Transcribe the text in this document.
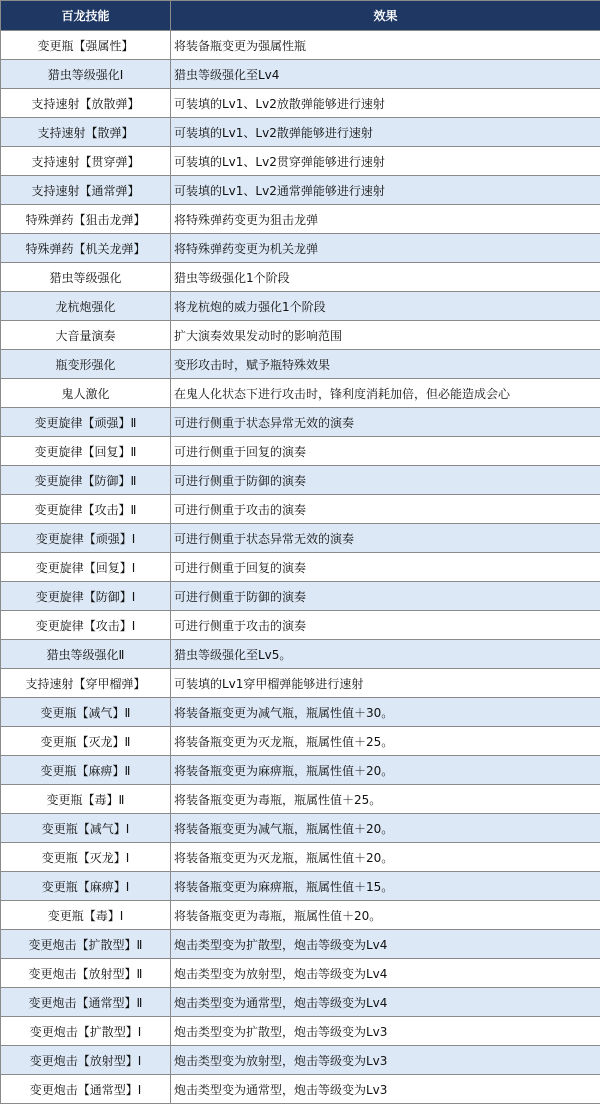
百龙技能	效果
变更瓶【强属性】	将装备瓶变更为强属性瓶
猎虫等级强化Ⅰ	猎虫等级强化至Lv4
支持速射【放散弹】	可装填的Lv1、Lv2放散弹能够进行速射
支持速射【散弹】	可装填的Lv1、Lv2散弹能够进行速射
支持速射【贯穿弹】	可装填的Lv1、Lv2贯穿弹能够进行速射
支持速射【通常弹】	可装填的Lv1、Lv2通常弹能够进行速射
特殊弹药【狙击龙弹】	将特殊弹药变更为狙击龙弹
特殊弹药【机关龙弹】	将特殊弹药变更为机关龙弹
猎虫等级强化	猎虫等级强化1个阶段
龙杭炮强化	将龙杭炮的威力强化1个阶段
大音量演奏	扩大演奏效果发动时的影响范围
瓶变形强化	变形攻击时，赋予瓶特殊效果
鬼人激化	在鬼人化状态下进行攻击时，锋利度消耗加倍，但必能造成会心
变更旋律【顽强】Ⅱ	可进行侧重于状态异常无效的演奏
变更旋律【回复】Ⅱ	可进行侧重于回复的演奏
变更旋律【防御】Ⅱ	可进行侧重于防御的演奏
变更旋律【攻击】Ⅱ	可进行侧重于攻击的演奏
变更旋律【顽强】Ⅰ	可进行侧重于状态异常无效的演奏
变更旋律【回复】Ⅰ	可进行侧重于回复的演奏
变更旋律【防御】Ⅰ	可进行侧重于防御的演奏
变更旋律【攻击】Ⅰ	可进行侧重于攻击的演奏
猎虫等级强化Ⅱ	猎虫等级强化至Lv5。
支持速射【穿甲榴弹】	可装填的Lv1穿甲榴弹能够进行速射
变更瓶【减气】Ⅱ	将装备瓶变更为减气瓶，瓶属性值＋30。
变更瓶【灭龙】Ⅱ	将装备瓶变更为灭龙瓶，瓶属性值＋25。
变更瓶【麻痹】Ⅱ	将装备瓶变更为麻痹瓶，瓶属性值＋20。
变更瓶【毒】Ⅱ	将装备瓶变更为毒瓶，瓶属性值＋25。
变更瓶【减气】Ⅰ	将装备瓶变更为减气瓶，瓶属性值＋20。
变更瓶【灭龙】Ⅰ	将装备瓶变更为灭龙瓶，瓶属性值＋20。
变更瓶【麻痹】Ⅰ	将装备瓶变更为麻痹瓶，瓶属性值＋15。
变更瓶【毒】Ⅰ	将装备瓶变更为毒瓶，瓶属性值＋20。
变更炮击【扩散型】Ⅱ	炮击类型变为扩散型，炮击等级变为Lv4
变更炮击【放射型】Ⅱ	炮击类型变为放射型，炮击等级变为Lv4
变更炮击【通常型】Ⅱ	炮击类型变为通常型，炮击等级变为Lv4
变更炮击【扩散型】Ⅰ	炮击类型变为扩散型，炮击等级变为Lv3
变更炮击【放射型】Ⅰ	炮击类型变为放射型，炮击等级变为Lv3
变更炮击【通常型】Ⅰ	炮击类型变为通常型，炮击等级变为Lv3
